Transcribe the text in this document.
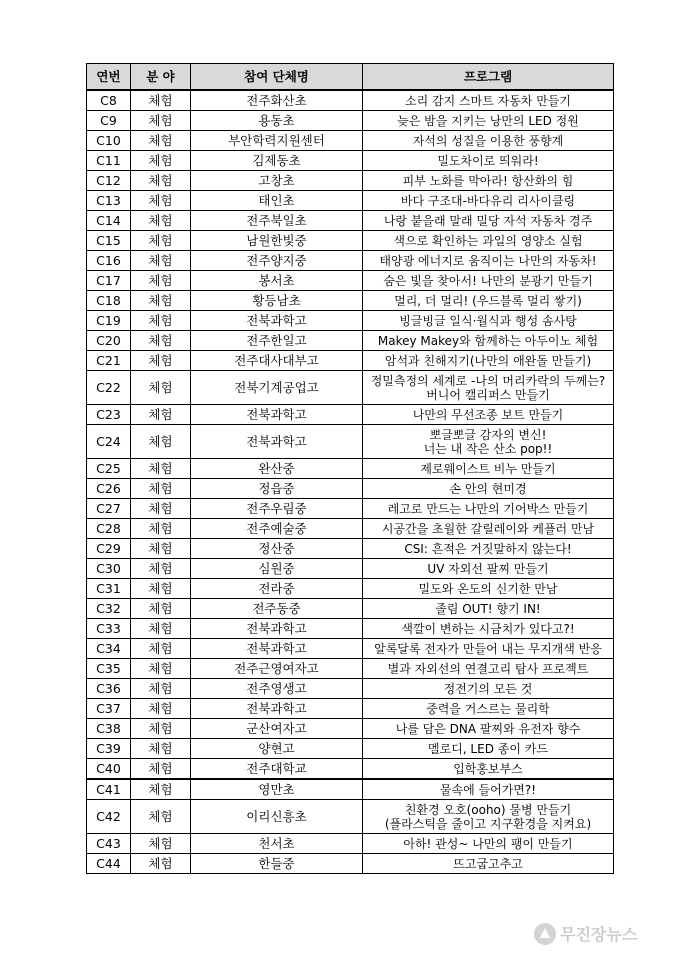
연번	분 야	참여 단체명	프로그램
C8	체험	전주화산초	소리 감지 스마트 자동차 만들기

C9	체험	용동초	늦은 밤을 지키는 낭만의 LED 정원

C10	체험	부안학력지원센터	자석의 성질을 이용한 풍향계

C11	체험	김제동초	밀도차이로 띄워라!

C12	체험	고창초	피부 노화를 막아라! 항산화의 힘

C13	체험	태인초	바다 구조대-바다유리 리사이클링

C14	체험	전주북일초	나랑 붙을래 말래 밀당 자석 자동차 경주

C15	체험	남원한빛중	색으로 확인하는 과일의 영양소 실험

C16	체험	전주양지중	태양광 에너지로 움직이는 나만의 자동차!

C17	체험	봉서초	숨은 빛을 찾아서! 나만의 분광기 만들기

C18	체험	황등남초	멀리, 더 멀리! (우드블록 멀리 쌓기)

C19	체험	전북과학고	빙글빙글 일식·월식과 행성 솜사탕

C20	체험	전주한일고	Makey Makey와 함께하는 아두이노 체험

C21	체험	전주대사대부고	암석과 친해지기(나만의 애완돌 만들기)

C22	체험	전북기계공업고	정밀측정의 세계로 -나의 머리카락의 두께는?
버니어 캘리퍼스 만들기

C23	체험	전북과학고	나만의 무선조종 보트 만들기

C24	체험	전북과학고	뽀글뽀글 감자의 변신!
너는 내 작은 산소 pop!!

C25	체험	완산중	제로웨이스트 비누 만들기

C26	체험	정읍중	손 안의 현미경

C27	체험	전주우림중	레고로 만드는 나만의 기어박스 만들기

C28	체험	전주예술중	시공간을 초월한 갈릴레이와 케플러 만남

C29	체험	정산중	CSI: 흔적은 거짓말하지 않는다!

C30	체험	심원중	UV 자외선 팔찌 만들기

C31	체험	전라중	밀도와 온도의 신기한 만남

C32	체험	전주동중	졸림 OUT! 향기 IN!

C33	체험	전북과학고	색깔이 변하는 시금치가 있다고?!

C34	체험	전북과학고	알록달록 전자가 만들어 내는 무지개색 반응

C35	체험	전주근영여자고	별과 자외선의 연결고리 탐사 프로젝트

C36	체험	전주영생고	정전기의 모든 것

C37	체험	전북과학고	중력을 거스르는 물리학

C38	체험	군산여자고	나를 담은 DNA 팔찌와 유전자 향수

C39	체험	양현고	멜로디, LED 종이 카드

C40	체험	전주대학교	입학홍보부스

C41	체험	영만초	물속에 들어가면?!

C42	체험	이리신흥초	친환경 오호(ooho) 물병 만들기
(플라스틱을 줄이고 지구환경을 지켜요)

C43	체험	천서초	아하! 관성~ 나만의 팽이 만들기

C44	체험	한들중	뜨고굽고추고
무진장뉴스
